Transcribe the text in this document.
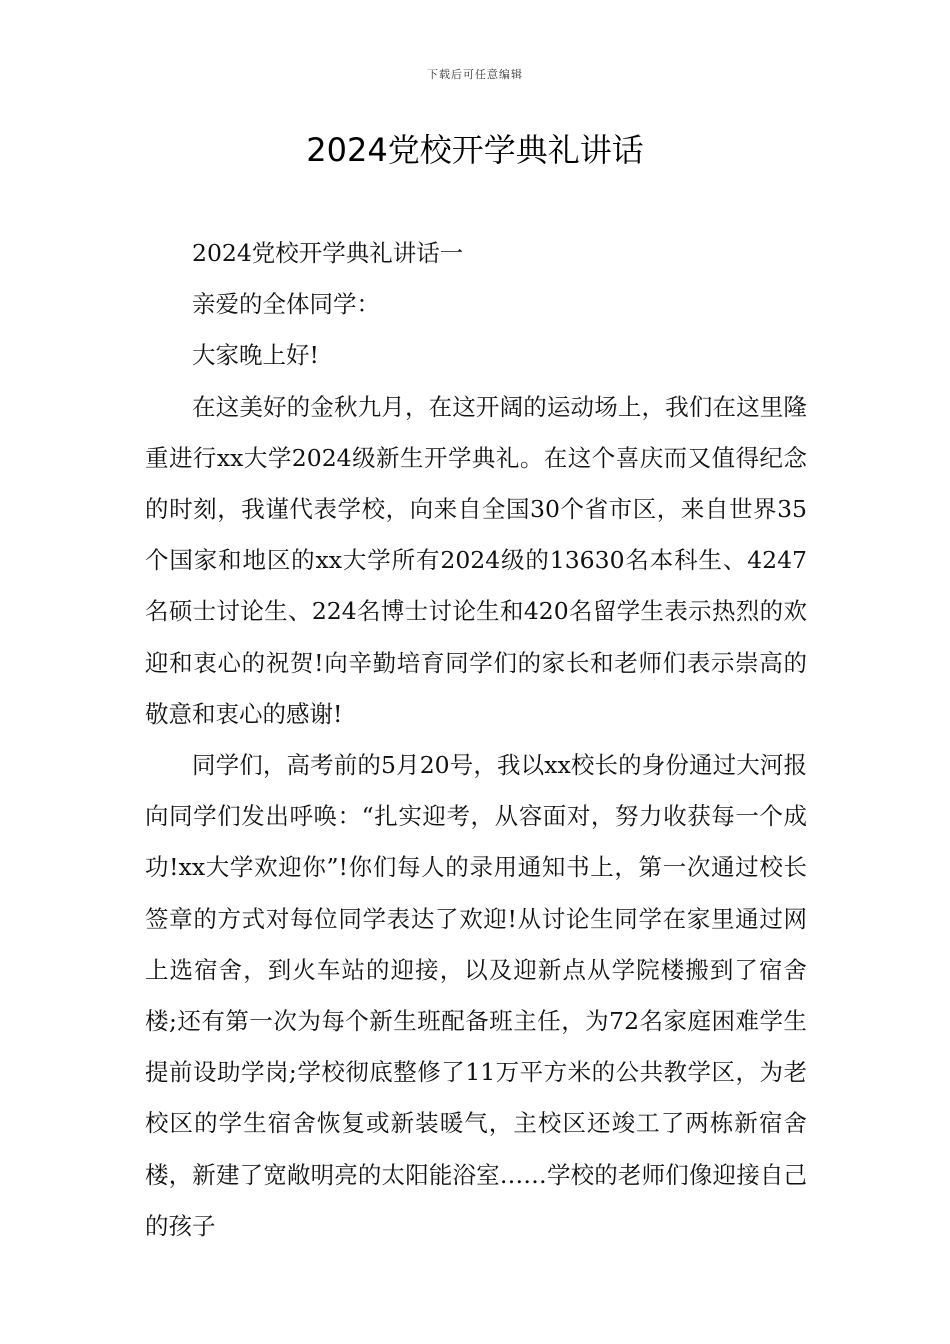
下载后可任意编辑
2024党校开学典礼讲话

2024党校开学典礼讲话一

亲爱的全体同学：

大家晚上好!

在这美好的金秋九月，在这开阔的运动场上，我们在这里隆重进行xx大学2024级新生开学典礼。在这个喜庆而又值得纪念的时刻，我谨代表学校，向来自全国30个省市区，来自世界35个国家和地区的xx大学所有2024级的13630名本科生、4247名硕士讨论生、224名博士讨论生和420名留学生表示热烈的欢迎和衷心的祝贺!向辛勤培育同学们的家长和老师们表示崇高的敬意和衷心的感谢!

同学们，高考前的5月20号，我以xx校长的身份通过大河报向同学们发出呼唤：“扎实迎考，从容面对，努力收获每一个成功!xx大学欢迎你”!你们每人的录用通知书上，第一次通过校长签章的方式对每位同学表达了欢迎!从讨论生同学在家里通过网上选宿舍，到火车站的迎接，以及迎新点从学院楼搬到了宿舍楼;还有第一次为每个新生班配备班主任，为72名家庭困难学生提前设助学岗;学校彻底整修了11万平方米的公共教学区，为老校区的学生宿舍恢复或新装暖气，主校区还竣工了两栋新宿舍楼，新建了宽敞明亮的太阳能浴室……学校的老师们像迎接自己的孩子
